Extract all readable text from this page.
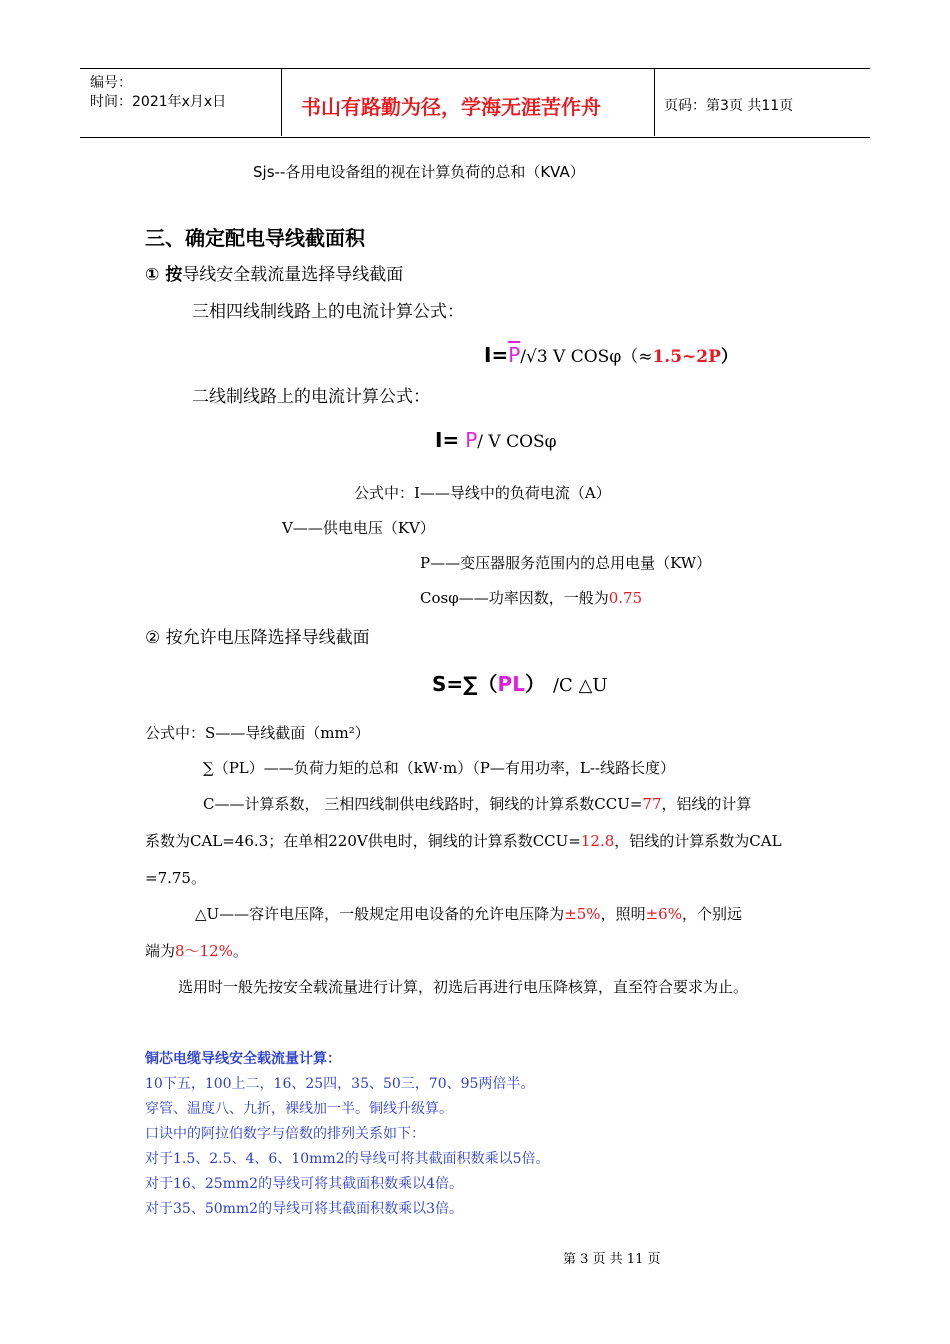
编号：
时间：2021年x月x日	书山有路勤为径，学海无涯苦作舟	页码：第3页 共11页
Sjs--各用电设备组的视在计算负荷的总和（KVA）
三、确定配电导线截面积
① 按导线安全载流量选择导线截面
三相四线制线路上的电流计算公式：
$I=\overline{P}/√3$ V COSφ（≈1.5~2P）
二线制线路上的电流计算公式：
I= P/ V COSφ
公式中：I——导线中的负荷电流（A）
V——供电电压（KV）
P——变压器服务范围内的总用电量（KW）
Cosφ——功率因数，一般为0.75
② 按允许电压降选择导线截面
S=∑（PL） /C △U
公式中：S——导线截面（mm²）
∑（PL）——负荷力矩的总和（kW·m）（P—有用功率，L--线路长度）
C——计算系数， 三相四线制供电线路时，铜线的计算系数CCU=77，铝线的计算
系数为CAL=46.3；在单相220V供电时，铜线的计算系数CCU=12.8，铝线的计算系数为CAL
=7.75。
△U——容许电压降，一般规定用电设备的允许电压降为±5%，照明±6%，个别远
端为8～12%。
选用时一般先按安全载流量进行计算，初选后再进行电压降核算，直至符合要求为止。
铜芯电缆导线安全载流量计算：
10下五，100上二，16、25四，35、50三，70、95两倍半。
穿管、温度八、九折，裸线加一半。铜线升级算。
口诀中的阿拉伯数字与倍数的排列关系如下：
对于1.5、2.5、4、6、10mm2的导线可将其截面积数乘以5倍。
对于16、25mm2的导线可将其截面积数乘以4倍。
对于35、50mm2的导线可将其截面积数乘以3倍。
第 3 页 共 11 页
